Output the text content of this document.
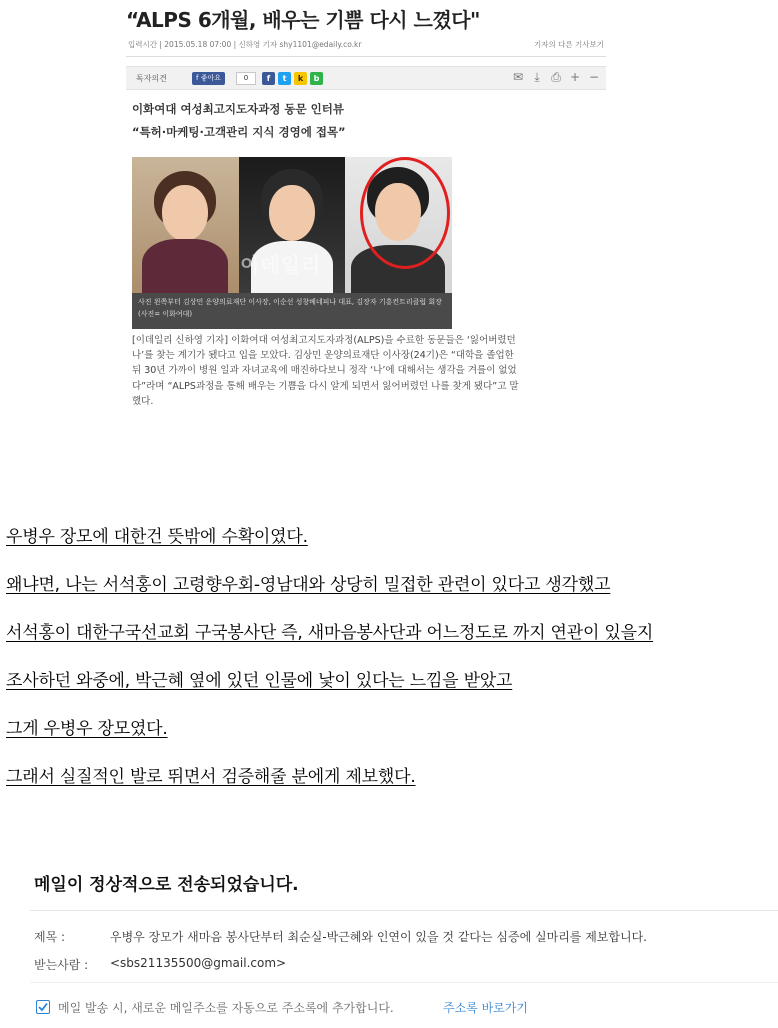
“ALPS 6개월, 배우는 기쁨 다시 느꼈다"
입력시간 | 2015.05.18 07:00 | 신하영 기자 shy1101@edaily.co.kr	기자의 다른 기사보기
독자의견	f 좋아요	0	f	t	k	b	✉ ⤓ ⎙ + −
이화여대 여성최고지도자과정 동문 인터뷰
“특허·마케팅·고객관리 지식 경영에 접목”
이데일리
사진 왼쪽부터 김상민 운양의료재단 이사장, 이순선 성창베네피나 대표, 김장자 기흥컨트리클럽 회장(사진= 이화여대)
[이데일리 신하영 기자] 이화여대 여성최고지도자과정(ALPS)을 수료한 동문들은 ‘잃어버렸던
나’를 찾는 계기가 됐다고 입을 모았다. 김상민 운양의료재단 이사장(24기)은 “대학을 졸업한
뒤 30년 가까이 병원 일과 자녀교육에 매진하다보니 정작 ‘나’에 대해서는 생각을 겨를이 없었
다”라며 “ALPS과정을 통해 배우는 기쁨을 다시 알게 되면서 잃어버렸던 나를 찾게 됐다”고 말
했다.
우병우 장모에 대한건 뜻밖에 수확이였다.
왜냐면, 나는 서석홍이 고령향우회-영남대와 상당히 밀접한 관련이 있다고 생각했고
서석홍이 대한구국선교회 구국봉사단 즉, 새마음봉사단과 어느정도로 까지 연관이 있을지
조사하던 와중에, 박근혜 옆에 있던 인물에 낯이 있다는 느낌을 받았고
그게 우병우 장모였다.
그래서 실질적인 발로 뛰면서 검증해줄 분에게 제보했다.
메일이 정상적으로 전송되었습니다.
제목 :	우병우 장모가 새마음 봉사단부터 최순실-박근혜와 인연이 있을 것 같다는 심증에 실마리를 제보합니다.
받는사람 : <sbs21135500@gmail.com>
메일 발송 시, 새로운 메일주소를 자동으로 주소록에 추가합니다.	주소록 바로가기
